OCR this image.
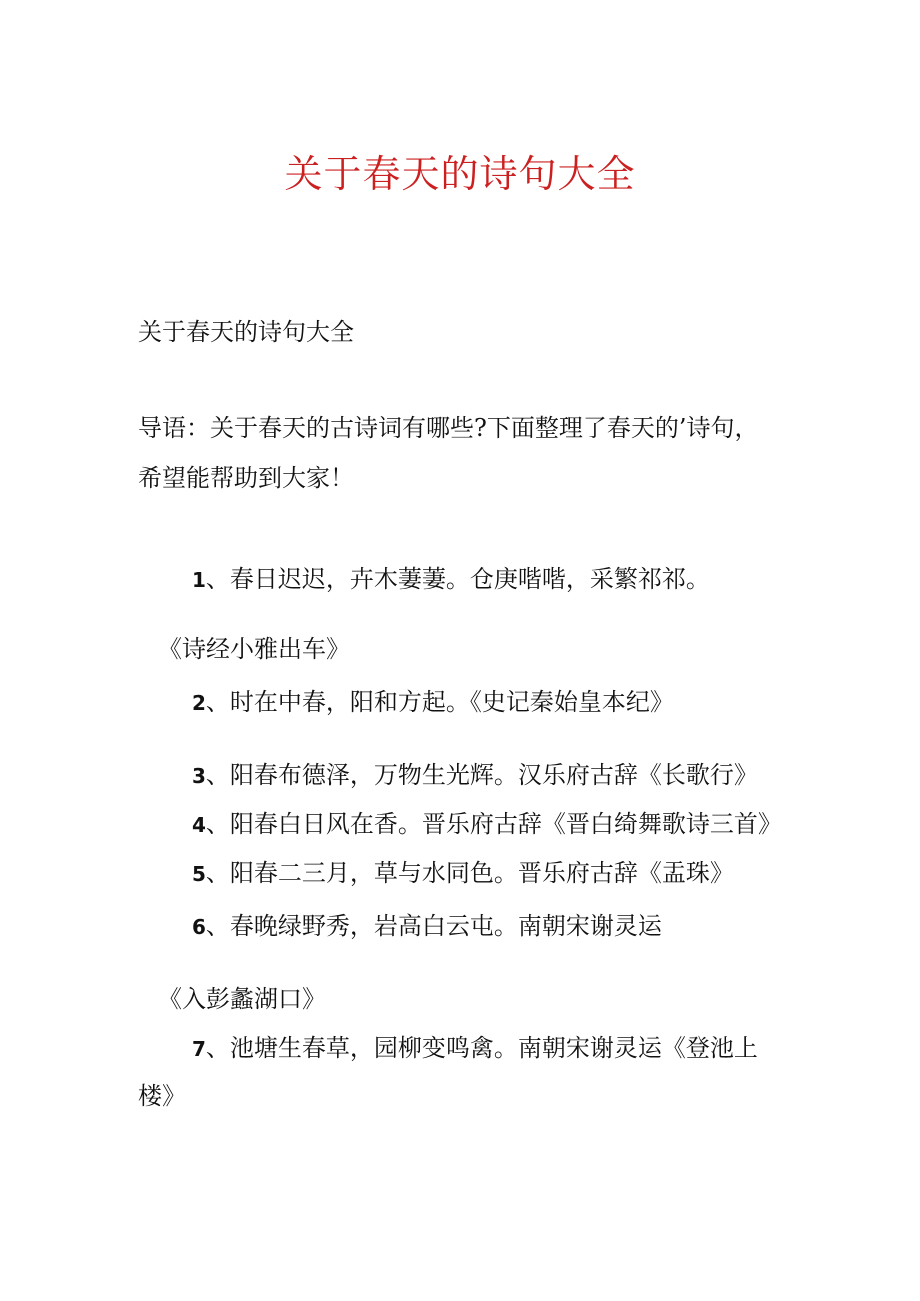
关于春天的诗句大全
关于春天的诗句大全
导语：关于春天的古诗词有哪些?下面整理了春天的’诗句，
希望能帮助到大家！
1、春日迟迟，卉木萋萋。仓庚喈喈，采繁祁祁。
《诗经小雅出车》
2、时在中春，阳和方起。《史记秦始皇本纪》
3、阳春布德泽，万物生光辉。汉乐府古辞《长歌行》
4、阳春白日风在香。晋乐府古辞《晋白绮舞歌诗三首》
5、阳春二三月，草与水同色。晋乐府古辞《盂珠》
6、春晚绿野秀，岩高白云屯。南朝宋谢灵运
《入彭蠡湖口》
7、池塘生春草，园柳变鸣禽。南朝宋谢灵运《登池上
楼》
